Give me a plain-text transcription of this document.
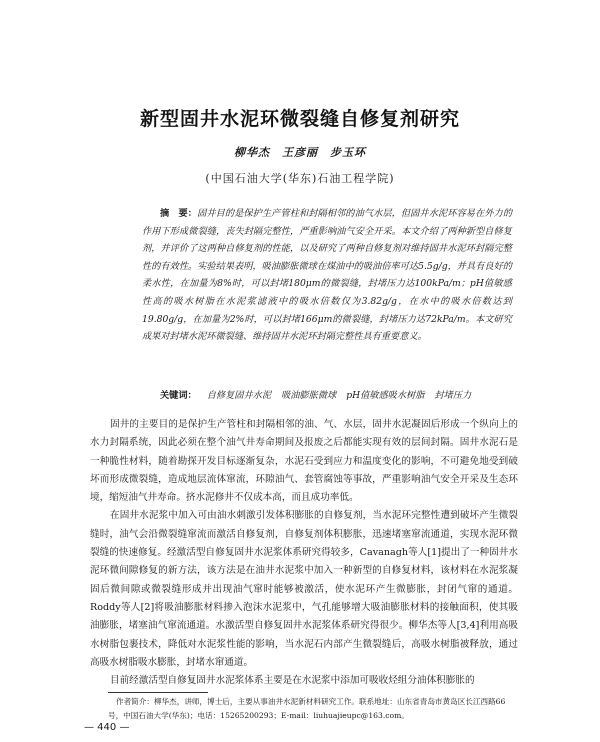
新型固井水泥环微裂缝自修复剂研究
柳华杰　王彦丽　步玉环
(中国石油大学(华东)石油工程学院)
摘　要：固井目的是保护生产管柱和封隔相邻的油气水层，但固井水泥环容易在外力的作用下形成微裂缝，丧失封隔完整性，严重影响油气安全开采。本文介绍了两种新型自修复剂，并评价了这两种自修复剂的性能，以及研究了两种自修复剂对维持固井水泥环封隔完整性的有效性。实验结果表明，吸油膨胀微球在煤油中的吸油倍率可达5.5g/g，并具有良好的柔水性，在加量为8%时，可以封堵180μm的微裂缝，封堵压力达100kPa/m；pH值敏感性高的吸水树脂在水泥浆滤液中的吸水倍数仅为3.82g/g，在水中的吸水倍数达到19.80g/g，在加量为2%时，可以封堵166μm的微裂缝，封堵压力达72kPa/m。本文研究成果对封堵水泥环微裂缝、维持固井水泥环封隔完整性具有重要意义。
关键词： 自修复固井水泥 吸油膨胀微球 pH值敏感吸水树脂 封堵压力

固井的主要目的是保护生产管柱和封隔相邻的油、气、水层，固井水泥凝固后形成一个纵向上的水力封隔系统，因此必须在整个油气井寿命期间及报废之后都能实现有效的层间封隔。固井水泥石是一种脆性材料，随着勘探开发目标逐渐复杂，水泥石受到应力和温度变化的影响，不可避免地受到破坏而形成微裂缝，造成地层流体窜流，环隙油气、套管腐蚀等事故，严重影响油气安全开采及生态环境，缩短油气井寿命。挤水泥修井不仅成本高，而且成功率低。

在固井水泥浆中加入可由油水刺激引发体积膨胀的自修复剂，当水泥环完整性遭到破坏产生微裂缝时，油气会沿微裂缝窜流而激活自修复剂，自修复剂体积膨胀，迅速堵塞窜流通道，实现水泥环微裂缝的快速修复。经激活型自修复固井水泥浆体系研究得较多，Cavanagh等人[1]提出了一种固井水泥环微间隙修复的新方法，该方法是在油井水泥浆中加入一种新型的自修复材料，该材料在水泥浆凝固后微间隙或微裂缝形成并出现油气窜时能够被激活，使水泥环产生微膨胀，封闭气窜的通道。Roddy等人[2]将吸油膨胀材料掺入泡沫水泥浆中，气孔能够增大吸油膨胀材料的接触面积，使其吸油膨胀，堵塞油气窜流通道。水激活型自修复固井水泥浆体系研究得很少。柳华杰等人[3,4]利用高吸水树脂包裹技术，降低对水泥浆性能的影响，当水泥石内部产生微裂缝后，高吸水树脂被释放，通过高吸水树脂吸水膨胀，封堵水窜通道。

目前经激活型自修复固井水泥浆体系主要是在水泥浆中添加可吸收烃组分油体积膨胀的

作者简介：柳华杰，讲师，博士后，主要从事油井水泥新材料研究工作。联系地址：山东省青岛市黄岛区长江西路66号，中国石油大学(华东)；电话：15265200293；E-mail：liuhuajieupc@163.com。
— 440 —
